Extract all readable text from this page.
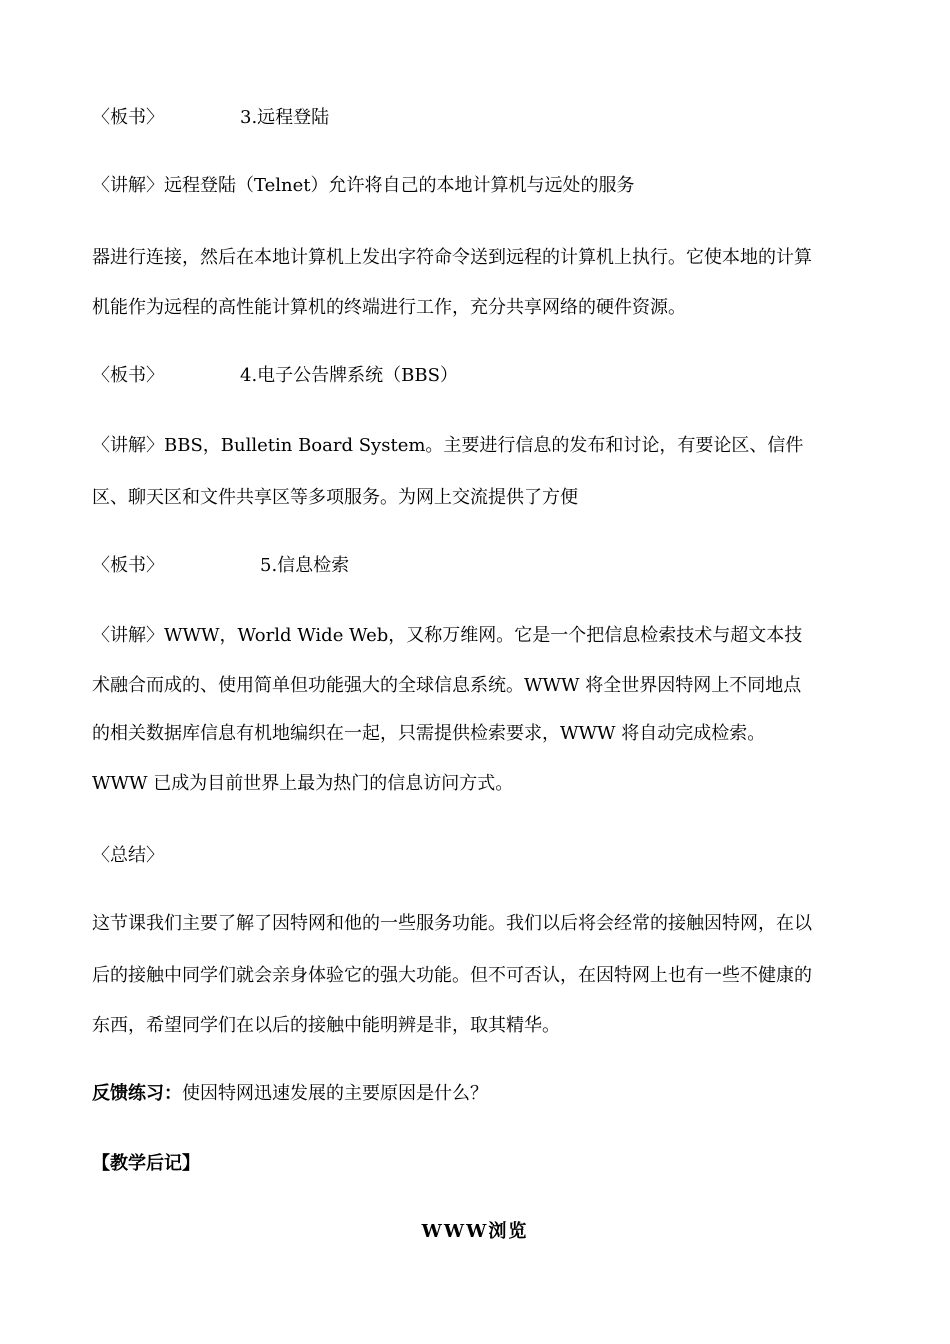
〈板书〉	3.远程登陆
〈讲解〉远程登陆（Telnet）允许将自己的本地计算机与远处的服务
器进行连接，然后在本地计算机上发出字符命令送到远程的计算机上执行。它使本地的计算
机能作为远程的高性能计算机的终端进行工作，充分共享网络的硬件资源。
〈板书〉	4.电子公告牌系统（BBS）
〈讲解〉BBS，Bulletin Board System。主要进行信息的发布和讨论，有要论区、信件
区、聊天区和文件共享区等多项服务。为网上交流提供了方便
〈板书〉	5.信息检索
〈讲解〉WWW，World Wide Web，又称万维网。它是一个把信息检索技术与超文本技
术融合而成的、使用简单但功能强大的全球信息系统。WWW 将全世界因特网上不同地点
的相关数据库信息有机地编织在一起，只需提供检索要求，WWW 将自动完成检索。
WWW 已成为目前世界上最为热门的信息访问方式。
〈总结〉
这节课我们主要了解了因特网和他的一些服务功能。我们以后将会经常的接触因特网，在以
后的接触中同学们就会亲身体验它的强大功能。但不可否认，在因特网上也有一些不健康的
东西，希望同学们在以后的接触中能明辨是非，取其精华。
反馈练习：使因特网迅速发展的主要原因是什么？
【教学后记】
WWW浏览
